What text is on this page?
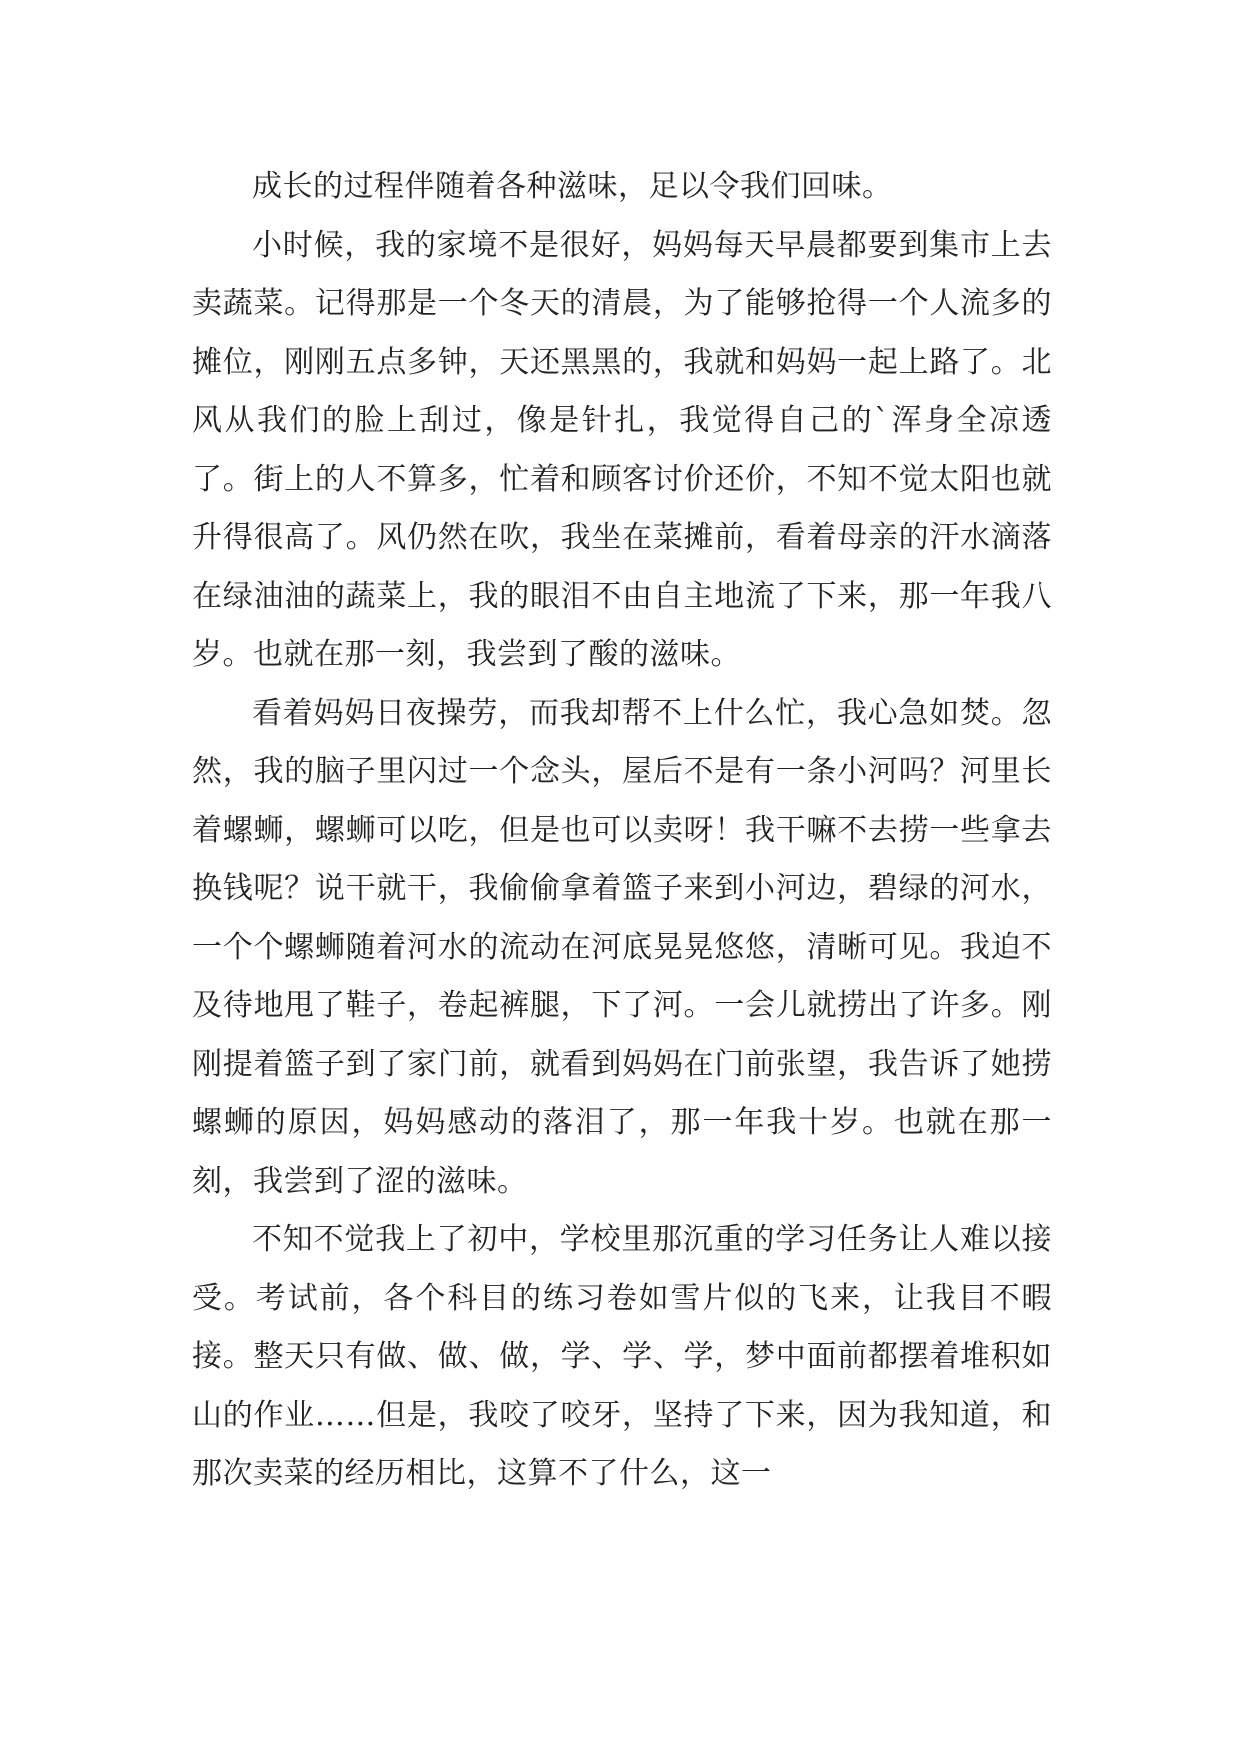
成长的过程伴随着各种滋味，足以令我们回味。

小时候，我的家境不是很好，妈妈每天早晨都要到集市上去卖蔬菜。记得那是一个冬天的清晨，为了能够抢得一个人流多的摊位，刚刚五点多钟，天还黑黑的，我就和妈妈一起上路了。北风从我们的脸上刮过，像是针扎，我觉得自己的`浑身全凉透了。街上的人不算多，忙着和顾客讨价还价，不知不觉太阳也就升得很高了。风仍然在吹，我坐在菜摊前，看着母亲的汗水滴落在绿油油的蔬菜上，我的眼泪不由自主地流了下来，那一年我八岁。也就在那一刻，我尝到了酸的滋味。

看着妈妈日夜操劳，而我却帮不上什么忙，我心急如焚。忽然，我的脑子里闪过一个念头，屋后不是有一条小河吗？河里长着螺蛳，螺蛳可以吃，但是也可以卖呀！我干嘛不去捞一些拿去换钱呢？说干就干，我偷偷拿着篮子来到小河边，碧绿的河水，一个个螺蛳随着河水的流动在河底晃晃悠悠，清晰可见。我迫不及待地甩了鞋子，卷起裤腿，下了河。一会儿就捞出了许多。刚刚提着篮子到了家门前，就看到妈妈在门前张望，我告诉了她捞螺蛳的原因，妈妈感动的落泪了，那一年我十岁。也就在那一刻，我尝到了涩的滋味。

不知不觉我上了初中，学校里那沉重的学习任务让人难以接受。考试前，各个科目的练习卷如雪片似的飞来，让我目不暇接。整天只有做、做、做，学、学、学，梦中面前都摆着堆积如山的作业……但是，我咬了咬牙，坚持了下来，因为我知道，和那次卖菜的经历相比，这算不了什么，这一
